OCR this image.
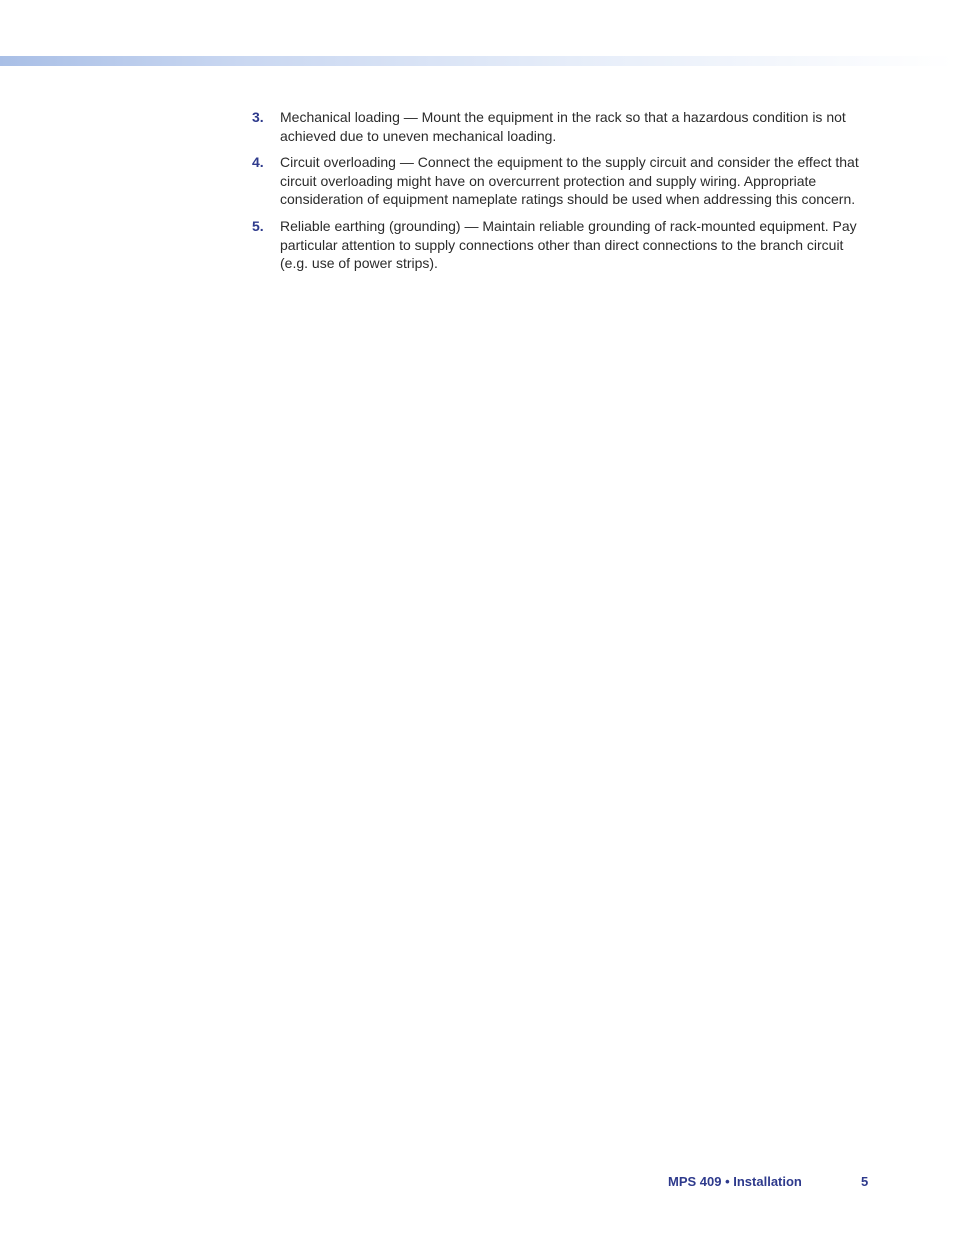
3. Mechanical loading — Mount the equipment in the rack so that a hazardous condition is not achieved due to uneven mechanical loading.
4. Circuit overloading — Connect the equipment to the supply circuit and consider the effect that circuit overloading might have on overcurrent protection and supply wiring. Appropriate consideration of equipment nameplate ratings should be used when addressing this concern.
5. Reliable earthing (grounding) — Maintain reliable grounding of rack-mounted equipment. Pay particular attention to supply connections other than direct connections to the branch circuit (e.g. use of power strips).
MPS 409 • Installation	5
